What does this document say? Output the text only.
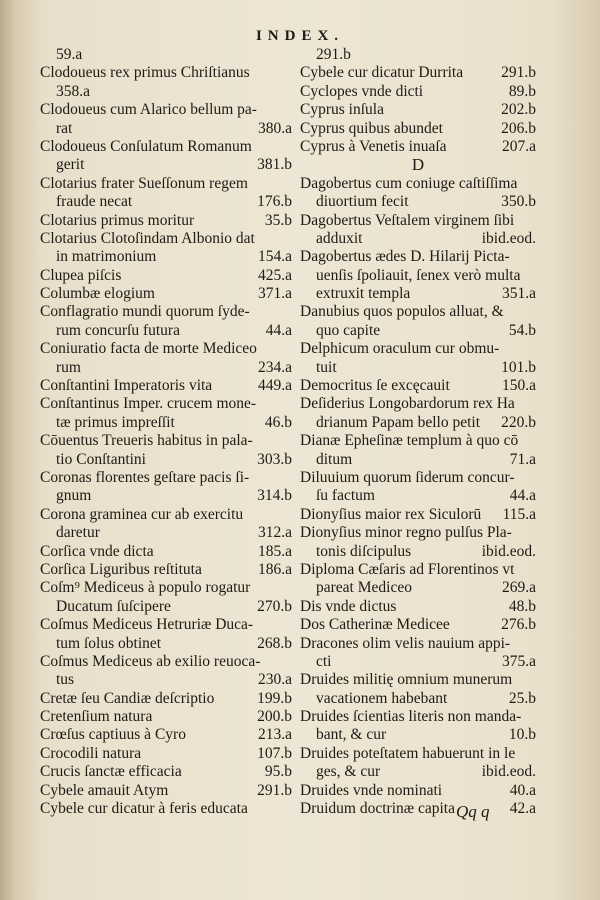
INDEX.
59.a
Clodoueus rex primus Chriſtianus
358.a
Clodoueus cum Alarico bellum pa-
rat	380.a
Clodoueus Conſulatum Romanum
gerit	381.b
Clotarius frater Sueſſonum regem
fraude necat	176.b
Clotarius primus moritur	35.b
Clotarius Clotoſindam Albonio dat
in matrimonium	154.a
Clupea piſcis	425.a
Columbæ elogium	371.a
Conflagratio mundi quorum ſyde-
rum concurſu futura	44.a
Coniuratio facta de morte Mediceo
rum	234.a
Conſtantini Imperatoris vita	449.a
Conſtantinus Imper. crucem mone-
tæ primus impreſſit	46.b
Cōuentus Treueris habitus in pala-
tio Conſtantini	303.b
Coronas florentes geſtare pacis ſi-
gnum	314.b
Corona graminea cur ab exercitu
daretur	312.a
Corſica vnde dicta	185.a
Corſica Liguribus reſtituta	186.a
Coſm⁹ Mediceus à populo rogatur
Ducatum ſuſcipere	270.b
Coſmus Mediceus Hetruriæ Duca-
tum ſolus obtinet	268.b
Coſmus Mediceus ab exilio reuoca-
tus	230.a
Cretæ ſeu Candiæ deſcriptio	199.b
Cretenſium natura	200.b
Crœſus captiuus à Cyro	213.a
Crocodili natura	107.b
Crucis ſanctæ efficacia	95.b
Cybele amauit Atym	291.b
Cybele cur dicatur à feris educata
291.b
Cybele cur dicatur Durrita 291.b
Cyclopes vnde dicti	89.b
Cyprus inſula	202.b
Cyprus quibus abundet	206.b
Cyprus à Venetis inuaſa	207.a
D
Dagobertus cum coniuge caſtiſſima
diuortium fecit	350.b
Dagobertus Veſtalem virginem ſibi
adduxit	ibid.eod.
Dagobertus ædes D. Hilarij Picta-
uenſis ſpoliauit, ſenex verò multa
extruxit templa	351.a
Danubius quos populos alluat, &
quo capite	54.b
Delphicum oraculum cur obmu-
tuit	101.b
Democritus ſe excęcauit	150.a
Deſiderius Longobardorum rex Ha
drianum Papam bello petit 220.b
Dianæ Epheſinæ templum à quo cō
ditum	71.a
Diluuium quorum ſiderum concur-
ſu factum	44.a
Dionyſius maior rex Siculorū 115.a
Dionyſius minor regno pulſus Pla-
tonis diſcipulus	ibid.eod.
Diploma Cæſaris ad Florentinos vt
pareat Mediceo	269.a
Dis vnde dictus	48.b
Dos Catherinæ Medicee	276.b
Dracones olim velis nauium appi-
cti	375.a
Druides militię omnium munerum
vacationem habebant	25.b
Druides ſcientias literis non manda-
bant, & cur	10.b
Druides poteſtatem habuerunt in le
ges, & cur	ibid.eod.
Druides vnde nominati	40.a
Druidum doctrinæ capita	42.a
Qq q
